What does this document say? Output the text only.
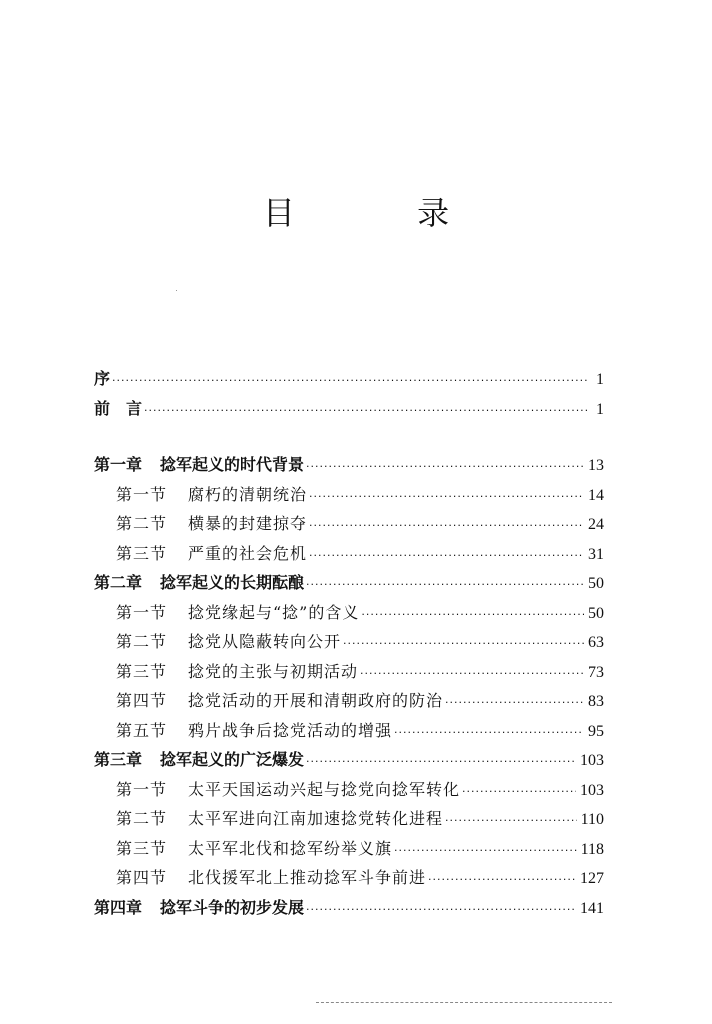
目 录
序 ·····	1
前　言 ·····	1
第一章 捻军起义的时代背景 ·····	13
第一节 腐朽的清朝统治 ·····	14
第二节 横暴的封建掠夺 ·····	24
第三节 严重的社会危机 ·····	31
第二章 捻军起义的长期酝酿 ·····	50
第一节 捻党缘起与“捻”的含义 ·····	50
第二节 捻党从隐蔽转向公开 ·····	63
第三节 捻党的主张与初期活动 ·····	73
第四节 捻党活动的开展和清朝政府的防治 ·····	83
第五节 鸦片战争后捻党活动的增强 ·····	95
第三章 捻军起义的广泛爆发 ·····	103
第一节 太平天国运动兴起与捻党向捻军转化 ·····	103
第二节 太平军进向江南加速捻党转化进程 ·····	110
第三节 太平军北伐和捻军纷举义旗 ·····	118
第四节 北伐援军北上推动捻军斗争前进 ·····	127
第四章 捻军斗争的初步发展 ·····	141
